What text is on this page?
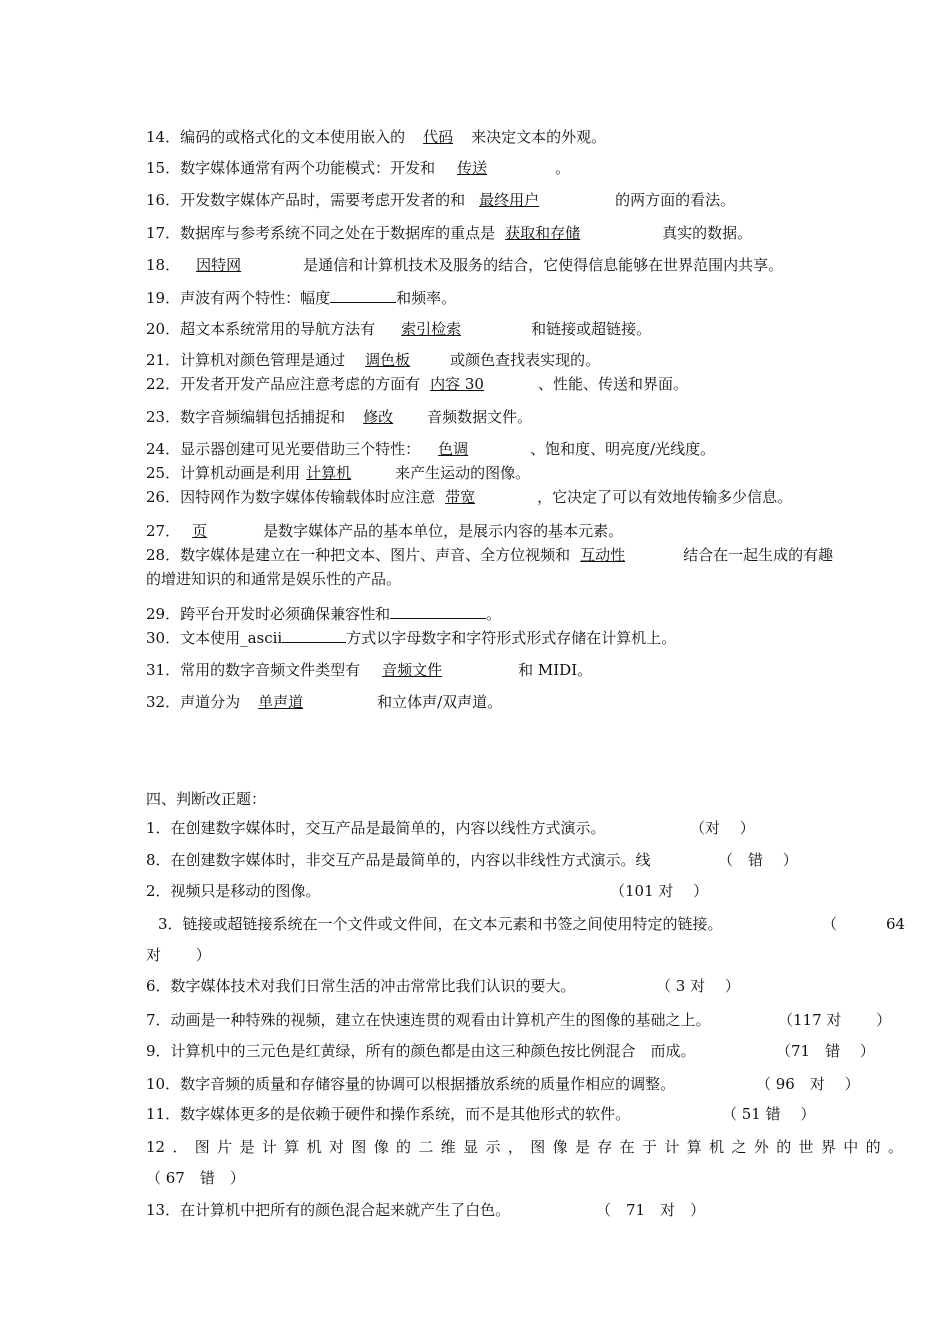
14．编码的或格式化的文本使用嵌入的 代码 来决定文本的外观。
15．数字媒体通常有两个功能模式：开发和 传送	。
16．开发数字媒体产品时，需要考虑开发者的和 最终用户	的两方面的看法。
17．数据库与参考系统不同之处在于数据库的重点是 获取和存储	真实的数据。
18． 因特网	是通信和计算机技术及服务的结合，它使得信息能够在世界范围内共享。
19．声波有两个特性：幅度	和频率。
20．超文本系统常用的导航方法有 索引检索	和链接或超链接。
21．计算机对颜色管理是通过 调色板	或颜色查找表实现的。
22．开发者开发产品应注意考虑的方面有 内容 30	、性能、传送和界面。
23．数字音频编辑包括捕捉和 修改 音频数据文件。
24．显示器创建可见光要借助三个特性： 色调	、饱和度、明亮度/光线度。
25．计算机动画是利用 计算机	来产生运动的图像。
26．因特网作为数字媒体传输载体时应注意 带宽	，它决定了可以有效地传输多少信息。
27． 页	是数字媒体产品的基本单位，是展示内容的基本元素。
28．数字媒体是建立在一种把文本、图片、声音、全方位视频和 互动性	结合在一起生成的有趣
的增进知识的和通常是娱乐性的产品。
29．跨平台开发时必须确保兼容性和	。
30．文本使用_ascii	方式以字母数字和字符形式形式存储在计算机上。
31．常用的数字音频文件类型有 音频文件	和 MIDI。
32．声道分为 单声道	和立体声/双声道。
四、判断改正题：
1．在创建数字媒体时，交互产品是最简单的，内容以线性方式演示。	（对　 ）
8．在创建数字媒体时，非交互产品是最简单的，内容以非线性方式演示。线	（　错　 ）
2．视频只是移动的图像。	（101 对　 ）
3．链接或超链接系统在一个文件或文件间，在文本元素和书签之间使用特定的链接。	（	64
对　　 ）
6．数字媒体技术对我们日常生活的冲击常常比我们认识的要大。	（ 3 对　 ）
7．动画是一种特殊的视频，建立在快速连贯的观看由计算机产生的图像的基础之上。	（117 对　　 ）
9．计算机中的三元色是红黄绿，所有的颜色都是由这三种颜色按比例混合　而成。	（71　错　 ）
10．数字音频的质量和存储容量的协调可以根据播放系统的质量作相应的调整。	（ 96　对　 ）
11．数字媒体更多的是依赖于硬件和操作系统，而不是其他形式的软件。	（ 51 错　 ）
12．图片是计算机对图像的二维显示，图像是存在于计算机之外的世界中的。
（ 67　错　）
13．在计算机中把所有的颜色混合起来就产生了白色。	（　71　对　）
